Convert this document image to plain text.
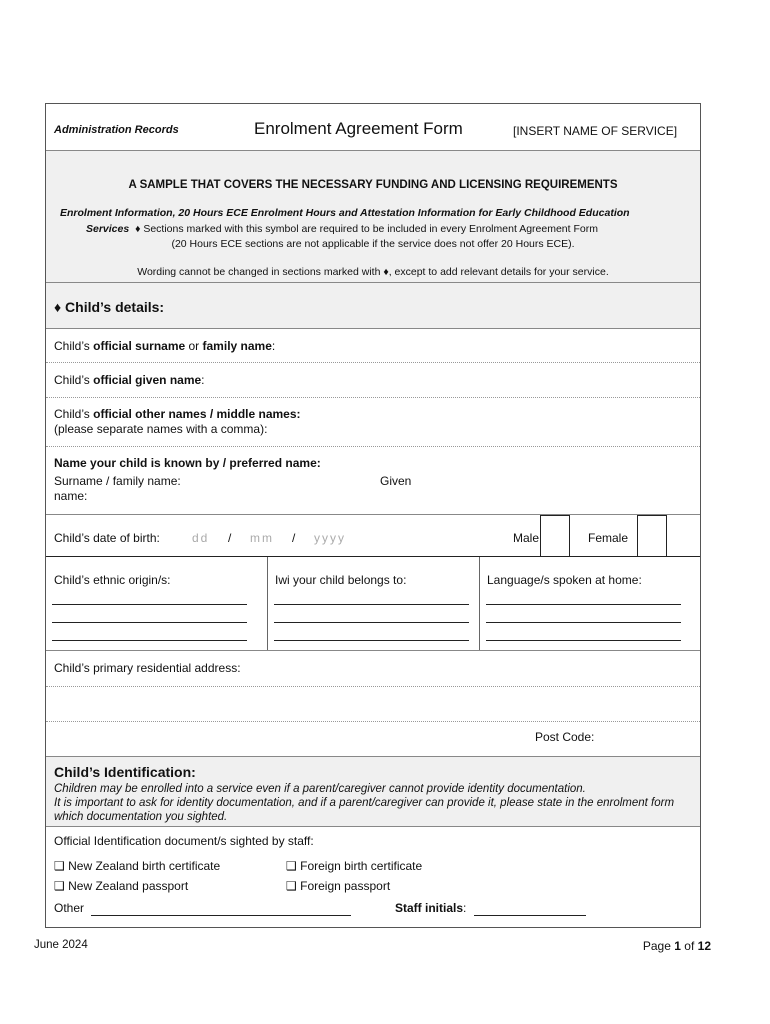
Administration Records	Enrolment Agreement Form	[INSERT NAME OF SERVICE]
A SAMPLE THAT COVERS THE NECESSARY FUNDING AND LICENSING REQUIREMENTS
Enrolment Information, 20 Hours ECE Enrolment Hours and Attestation Information for Early Childhood Education
Services ♦ Sections marked with this symbol are required to be included in every Enrolment Agreement Form
(20 Hours ECE sections are not applicable if the service does not offer 20 Hours ECE).
Wording cannot be changed in sections marked with ♦, except to add relevant details for your service.
♦ Child’s details:
Child’s official surname or family name:
Child’s official given name:
Child’s official other names / middle names:
(please separate names with a comma):
Name your child is known by / preferred name:
Surname / family name:	Given
name:
Child’s date of birth:	dd / mm / yyyy	Male	Female
Child’s ethnic origin/s:	Iwi your child belongs to:	Language/s spoken at home:
Child’s primary residential address:
Post Code:
Child’s Identification:
Children may be enrolled into a service even if a parent/caregiver cannot provide identity documentation.
It is important to ask for identity documentation, and if a parent/caregiver can provide it, please state in the enrolment form which documentation you sighted.
Official Identification document/s sighted by staff:
❑ New Zealand birth certificate	❑ Foreign birth certificate
❑ New Zealand passport	❑ Foreign passport
Other	Staff initials:
June 2024	Page 1 of 12
